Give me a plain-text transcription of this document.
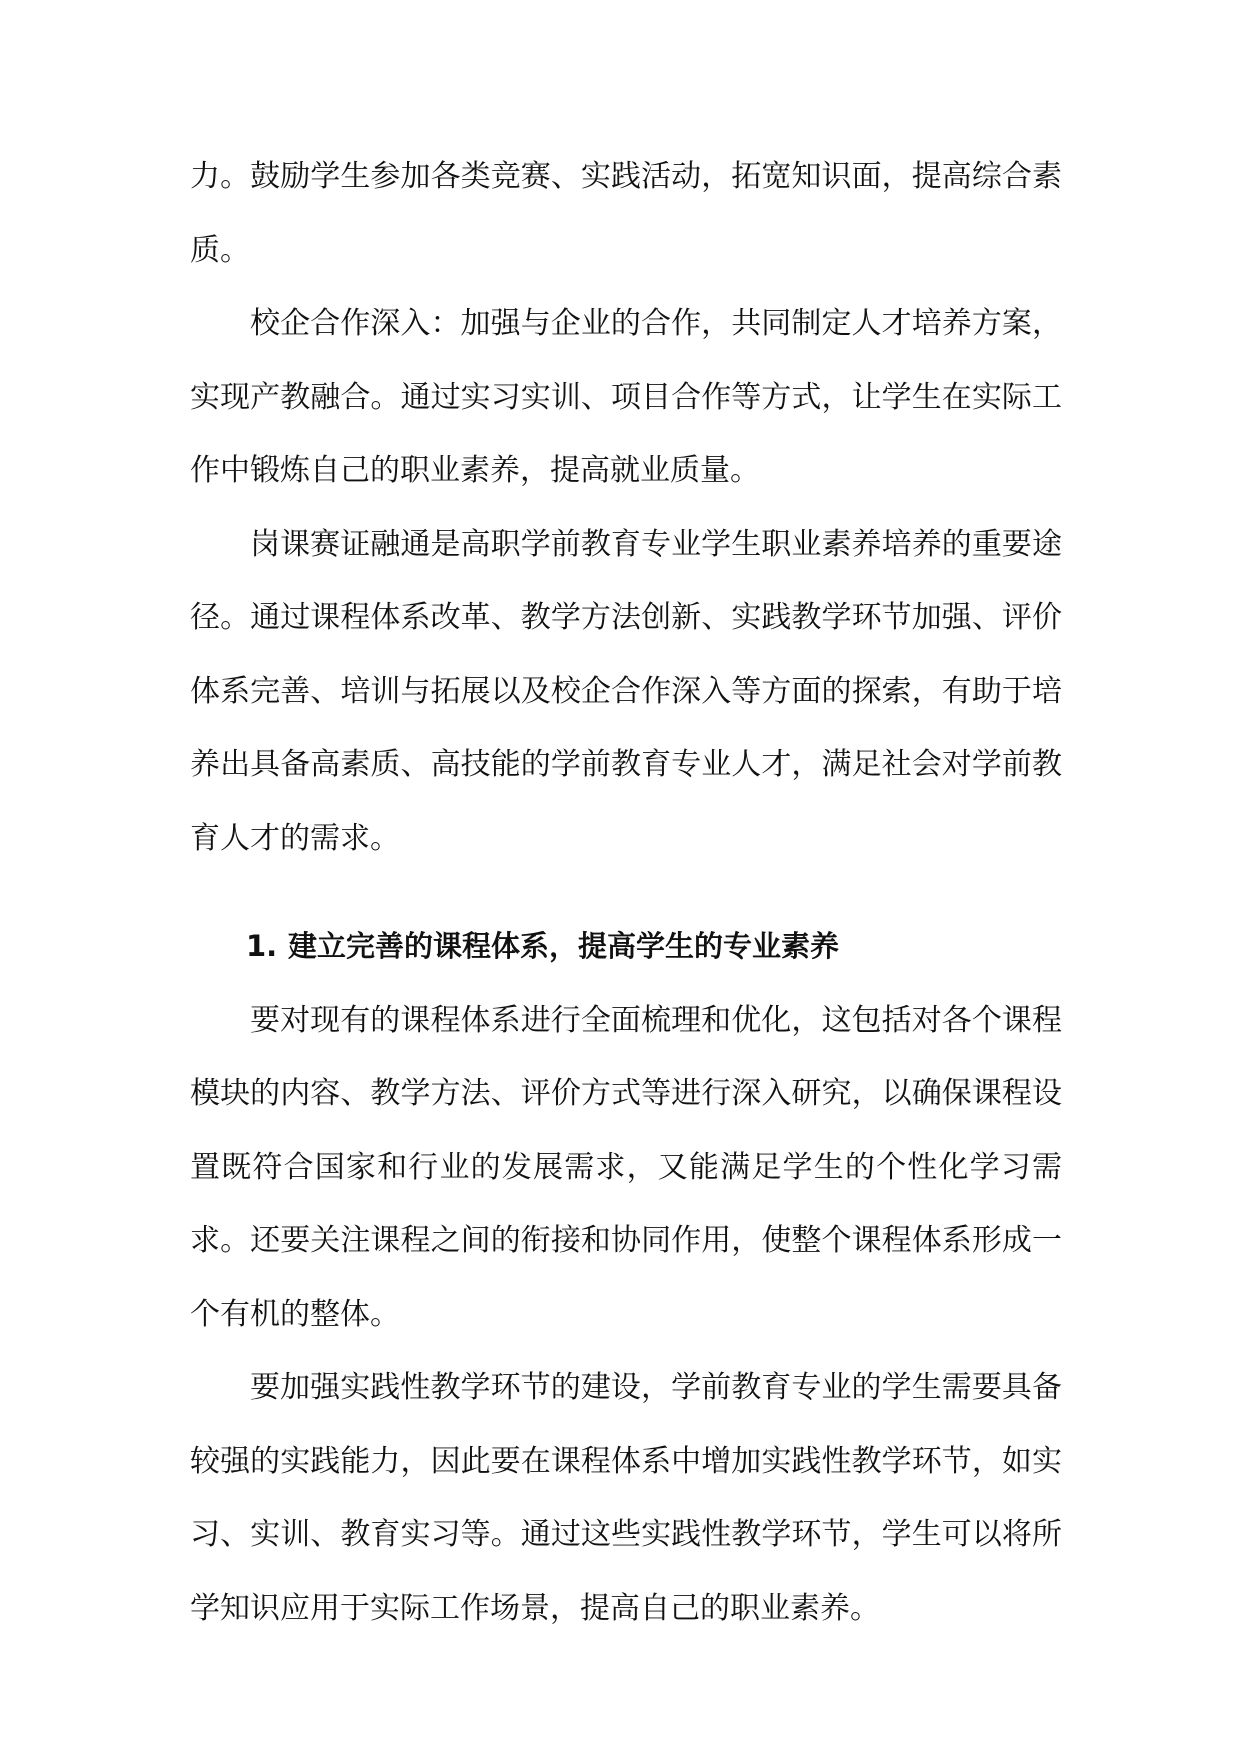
力。鼓励学生参加各类竞赛、实践活动，拓宽知识面，提高综合素质。

校企合作深入：加强与企业的合作，共同制定人才培养方案，实现产教融合。通过实习实训、项目合作等方式，让学生在实际工作中锻炼自己的职业素养，提高就业质量。

岗课赛证融通是高职学前教育专业学生职业素养培养的重要途径。通过课程体系改革、教学方法创新、实践教学环节加强、评价体系完善、培训与拓展以及校企合作深入等方面的探索，有助于培养出具备高素质、高技能的学前教育专业人才，满足社会对学前教育人才的需求。

1. 建立完善的课程体系，提高学生的专业素养

要对现有的课程体系进行全面梳理和优化，这包括对各个课程模块的内容、教学方法、评价方式等进行深入研究，以确保课程设置既符合国家和行业的发展需求，又能满足学生的个性化学习需求。还要关注课程之间的衔接和协同作用，使整个课程体系形成一个有机的整体。

要加强实践性教学环节的建设，学前教育专业的学生需要具备较强的实践能力，因此要在课程体系中增加实践性教学环节，如实习、实训、教育实习等。通过这些实践性教学环节，学生可以将所学知识应用于实际工作场景，提高自己的职业素养。
